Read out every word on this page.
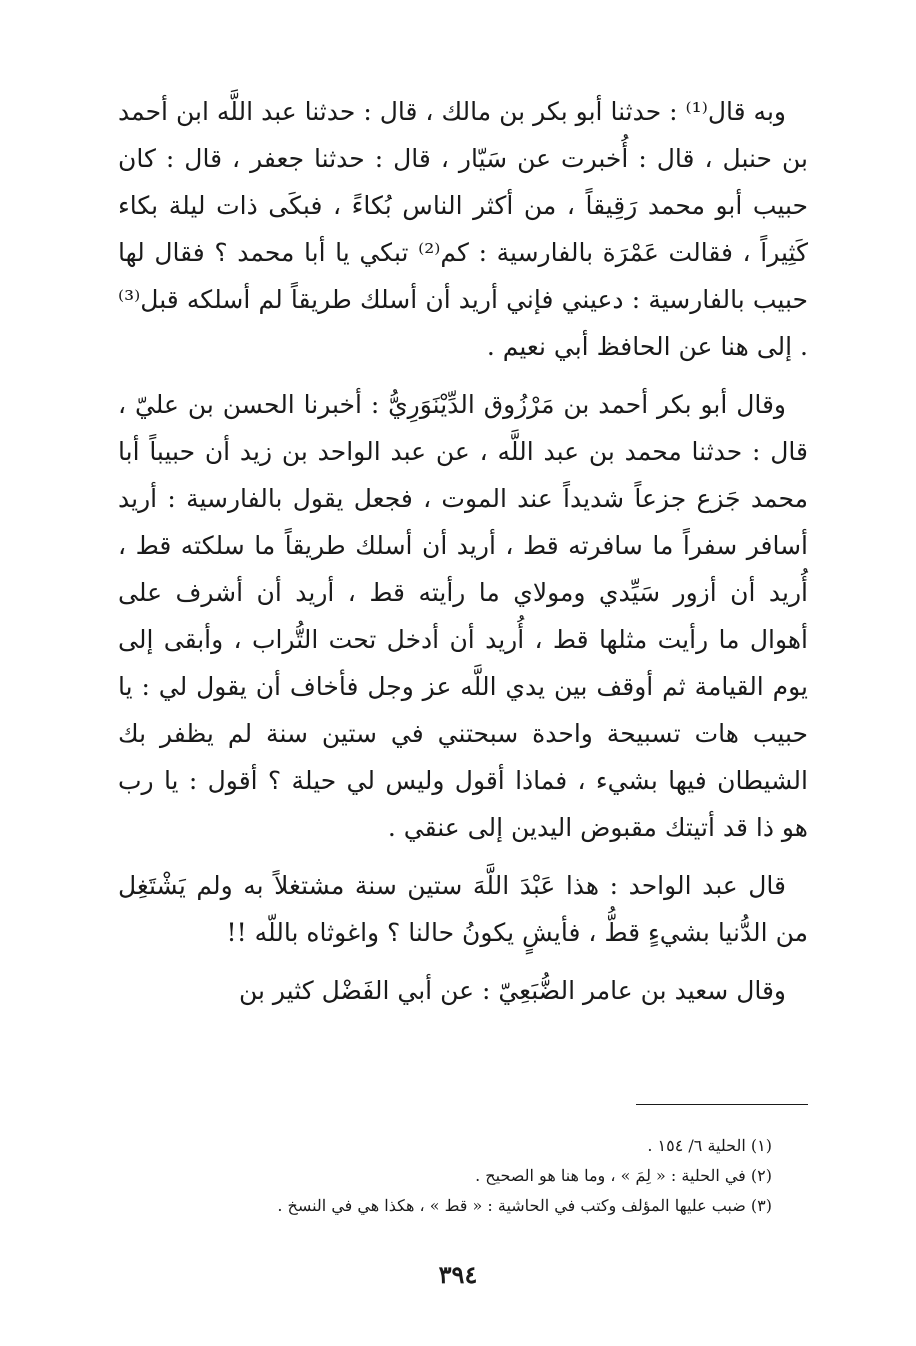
وبه قال⁽¹⁾ : حدثنا أبو بكر بن مالك ، قال : حدثنا عبد اللَّه ابن أحمد بن حنبل ، قال : أُخبرت عن سَيّار ، قال : حدثنا جعفر ، قال : كان حبيب أبو محمد رَقِيقاً ، من أكثر الناس بُكاءً ، فبكَى ذات ليلة بكاء كَثِيراً ، فقالت عَمْرَة بالفارسية : كم⁽²⁾ تبكي يا أبا محمد ؟ فقال لها حبيب بالفارسية : دعيني فإني أريد أن أسلك طريقاً لم أسلكه قبل⁽³⁾ . إلى هنا عن الحافظ أبي نعيم .

وقال أبو بكر أحمد بن مَرْزُوق الدِّيْنَوَرِيُّ : أخبرنا الحسن بن عليّ ، قال : حدثنا محمد بن عبد اللَّه ، عن عبد الواحد بن زيد أن حبيباً أبا محمد جَزع جزعاً شديداً عند الموت ، فجعل يقول بالفارسية : أريد أسافر سفراً ما سافرته قط ، أريد أن أسلك طريقاً ما سلكته قط ، أُريد أن أزور سَيِّدي ومولاي ما رأيته قط ، أريد أن أشرف على أهوال ما رأيت مثلها قط ، أُريد أن أدخل تحت التُّراب ، وأبقى إلى يوم القيامة ثم أوقف بين يدي اللَّه عز وجل فأخاف أن يقول لي : يا حبيب هات تسبيحة واحدة سبحتني في ستين سنة لم يظفر بك الشيطان فيها بشيء ، فماذا أقول وليس لي حيلة ؟ أقول : يا رب هو ذا قد أتيتك مقبوض اليدين إلى عنقي .

قال عبد الواحد : هذا عَبْدَ اللَّهَ ستين سنة مشتغلاً به ولم يَشْتَغِل من الدُّنيا بشيءٍ قطُّ ، فأيشٍ يكونُ حالنا ؟ واغوثاه باللّه !!

وقال سعيد بن عامر الضُّبَعِيّ : عن أبي الفَضْل كثير بن

(١) الحلية ٦/ ١٥٤ .

(٢) في الحلية : « لِمَ » ، وما هنا هو الصحيح .

(٣) ضبب عليها المؤلف وكتب في الحاشية : « قط » ، هكذا هي في النسخ .

٣٩٤
